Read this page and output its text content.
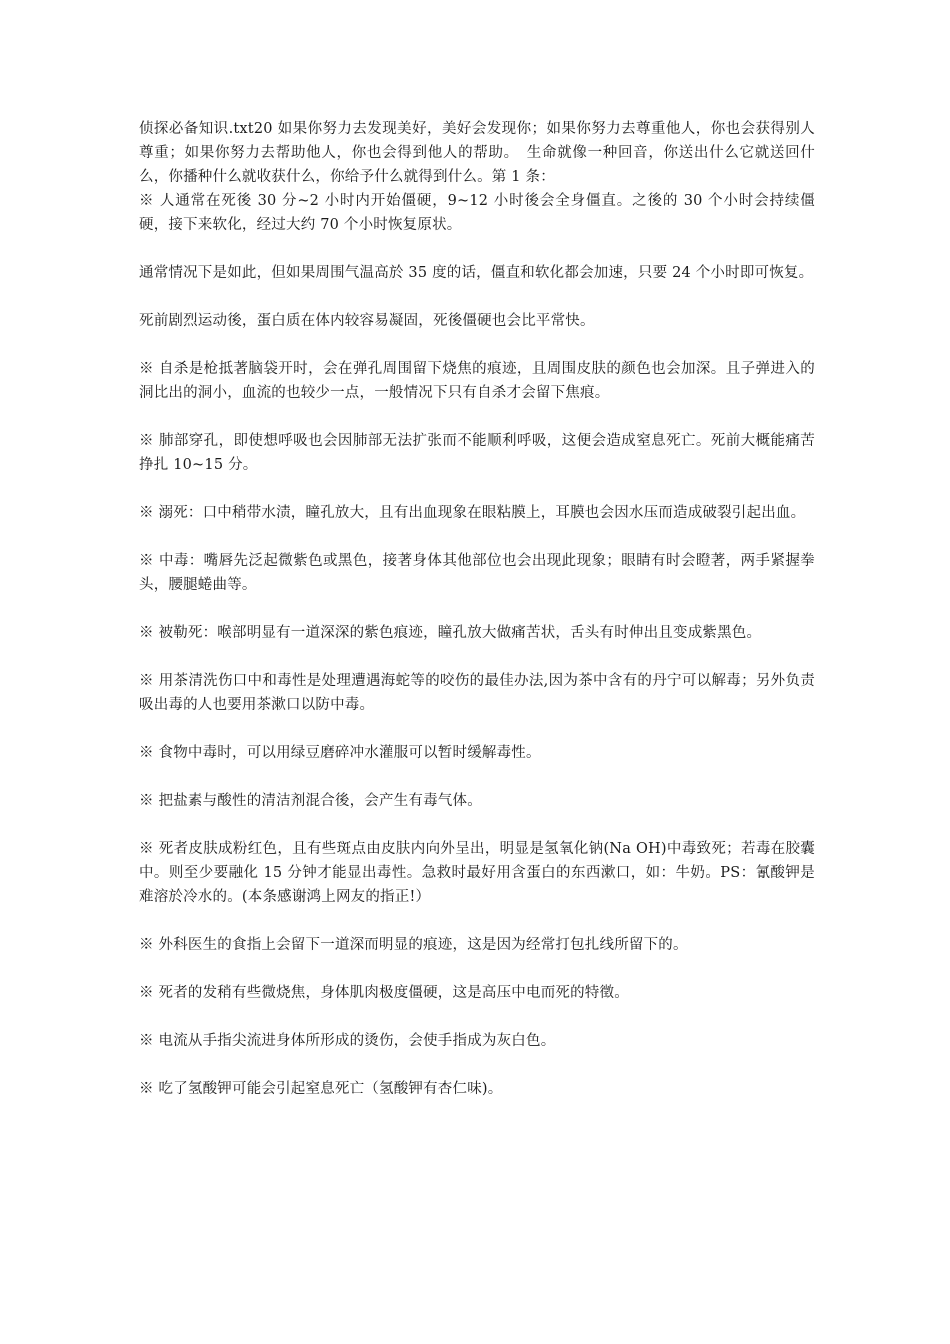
侦探必备知识.txt20 如果你努力去发现美好，美好会发现你；如果你努力去尊重他人，你也会获得别人尊重；如果你努力去帮助他人，你也会得到他人的帮助。　生命就像一种回音，你送出什么它就送回什么，你播种什么就收获什么，你给予什么就得到什么。第 1 条：

※ 人通常在死後 30 分~2 小时内开始僵硬，9~12 小时後会全身僵直。之後的 30 个小时会持续僵硬，接下来软化，经过大约 70 个小时恢复原状。

通常情况下是如此，但如果周围气温高於 35 度的话，僵直和软化都会加速，只要 24 个小时即可恢复。

死前剧烈运动後，蛋白质在体内较容易凝固，死後僵硬也会比平常快。

※ 自杀是枪抵著脑袋开时，会在弹孔周围留下烧焦的痕迹，且周围皮肤的颜色也会加深。且子弹进入的洞比出的洞小，血流的也较少一点，一般情况下只有自杀才会留下焦痕。

※ 肺部穿孔，即使想呼吸也会因肺部无法扩张而不能顺利呼吸，这便会造成窒息死亡。死前大概能痛苦挣扎 10~15 分。

※ 溺死：口中稍带水渍，瞳孔放大，且有出血现象在眼粘膜上，耳膜也会因水压而造成破裂引起出血。

※ 中毒：嘴唇先泛起微紫色或黑色，接著身体其他部位也会出现此现象；眼睛有时会瞪著，两手紧握拳头，腰腿蜷曲等。

※ 被勒死：喉部明显有一道深深的紫色痕迹，瞳孔放大做痛苦状，舌头有时伸出且变成紫黑色。

※ 用茶清洗伤口中和毒性是处理遭遇海蛇等的咬伤的最佳办法,因为茶中含有的丹宁可以解毒；另外负责吸出毒的人也要用茶漱口以防中毒。

※ 食物中毒时，可以用绿豆磨碎冲水灌服可以暂时缓解毒性。

※ 把盐素与酸性的清洁剂混合後，会产生有毒气体。

※ 死者皮肤成粉红色，且有些斑点由皮肤内向外呈出，明显是氢氧化钠(Na OH)中毒致死；若毒在胶囊中。则至少要融化 15 分钟才能显出毒性。急救时最好用含蛋白的东西漱口，如：牛奶。PS：氰酸钾是难溶於冷水的。(本条感谢鸿上网友的指正!）

※ 外科医生的食指上会留下一道深而明显的痕迹，这是因为经常打包扎线所留下的。

※ 死者的发稍有些微烧焦，身体肌肉极度僵硬，这是高压中电而死的特徵。

※ 电流从手指尖流进身体所形成的烫伤，会使手指成为灰白色。

※ 吃了氢酸钾可能会引起窒息死亡（氢酸钾有杏仁味)。
